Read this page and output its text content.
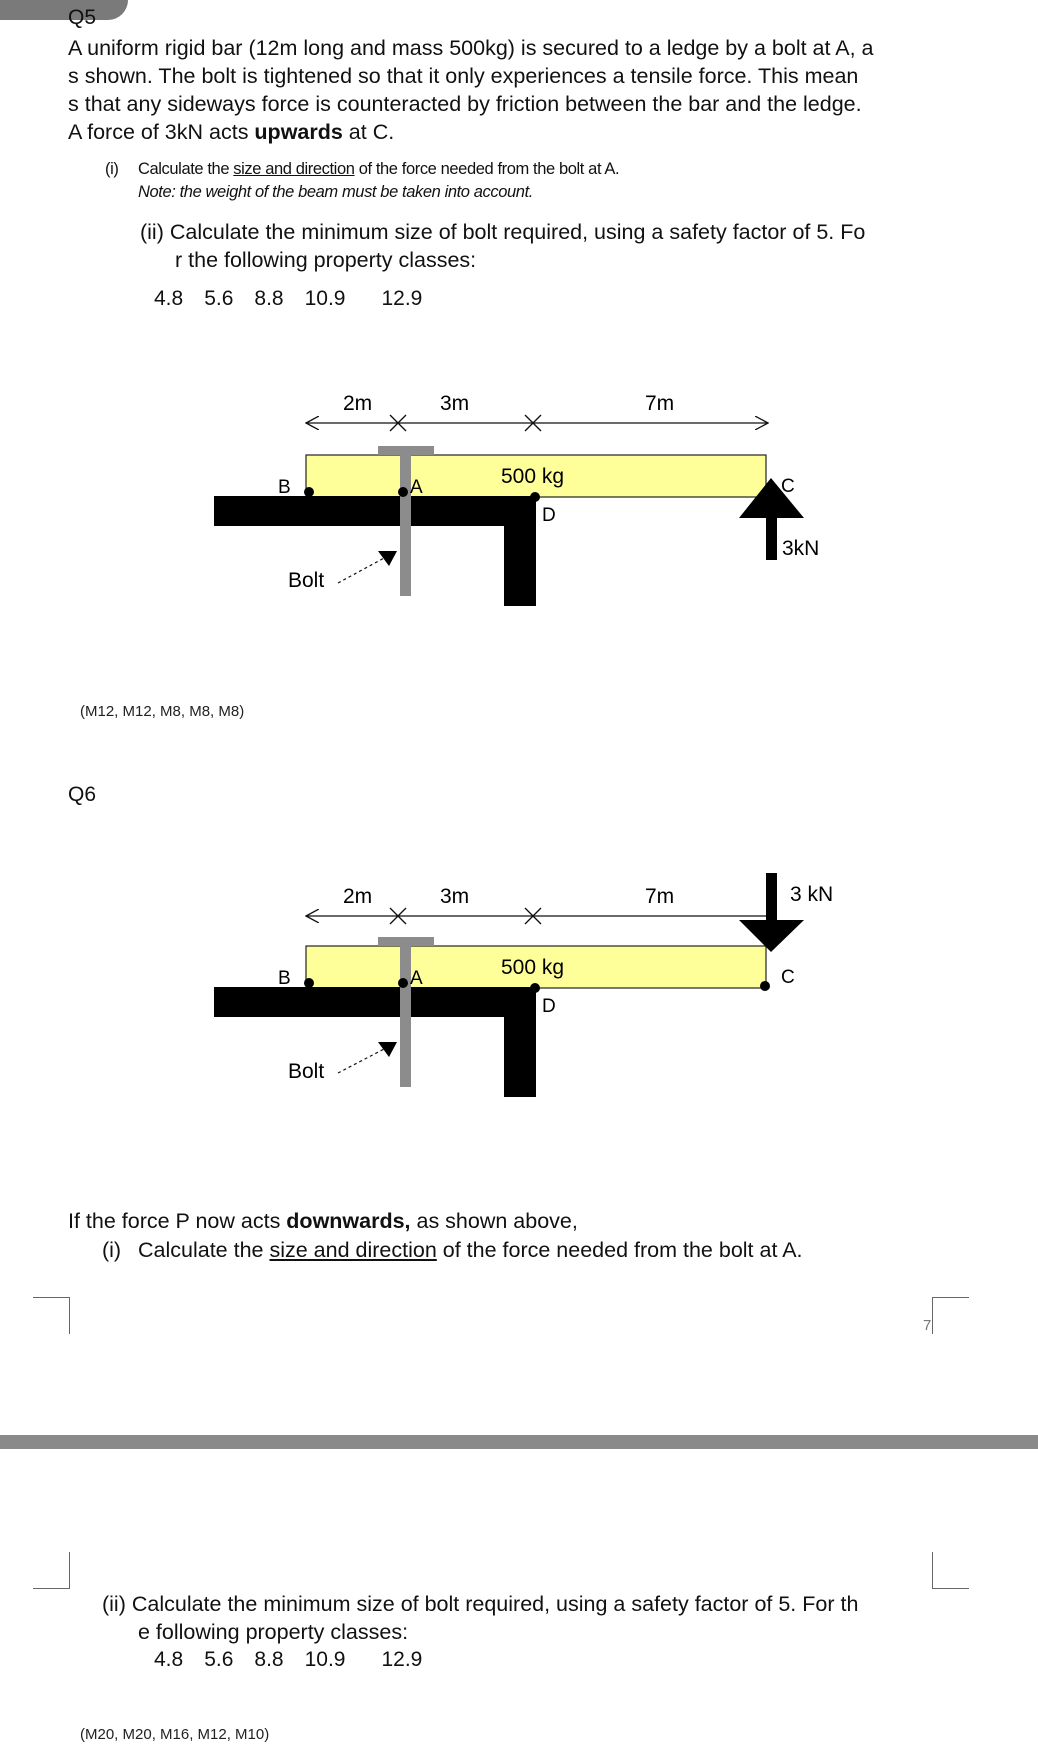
Q5
A uniform rigid bar (12m long and mass 500kg) is secured to a ledge by a bolt at A, a
s shown. The bolt is tightened so that it only experiences a tensile force. This mean
s that any sideways force is counteracted by friction between the bar and the ledge.
A force of 3kN acts upwards at C.
(i) Calculate the size and direction of the force needed from the bolt at A.
Note: the weight of the beam must be taken into account.
(ii) Calculate the minimum size of bolt required, using a safety factor of 5. Fo
r the following property classes:
4.8 5.6 8.8 10.9 12.9
2m	3m	7m
B	A
D
C
500 kg
3kN
Bolt
(M12, M12, M8, M8, M8)
Q6
2m	3m	7m
B	A
D
C
500 kg
3 kN
Bolt
If the force P now acts downwards, as shown above,
(i) Calculate the size and direction of the force needed from the bolt at A.
7
(ii) Calculate the minimum size of bolt required, using a safety factor of 5. For th
e following property classes:
4.8 5.6 8.8 10.9 12.9
(M20, M20, M16, M12, M10)
